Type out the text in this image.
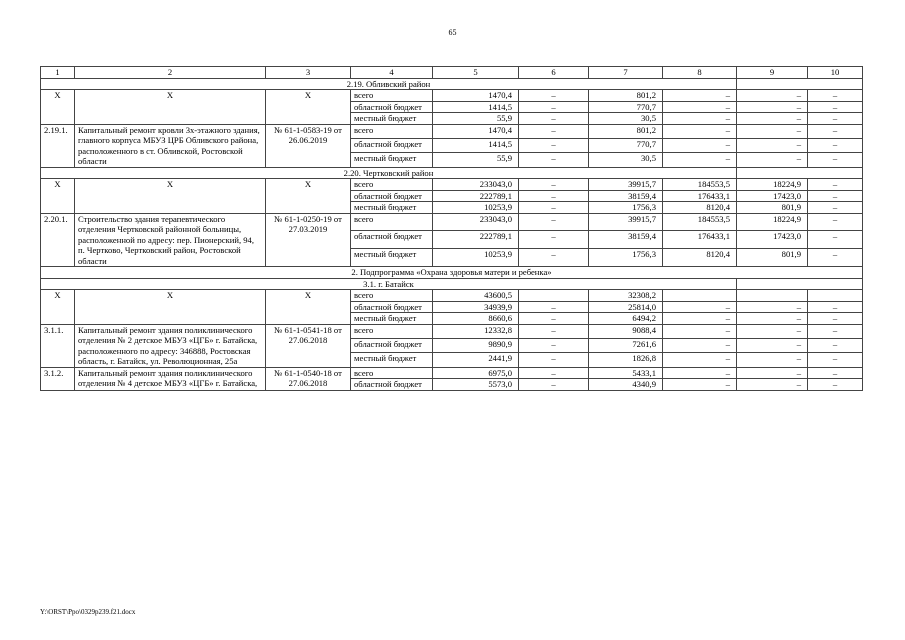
65
1	2	3	4	5	6	7	8	9	10
2.19. Обливский район									
X	X	X	всего	1470,4	–	801,2	–	–	–
			областной бюджет	1414,5	–	770,7	–	–	–
			местный бюджет	55,9	–	30,5	–	–	–
2.19.1.	Капитальный ремонт кровли 3х-этажного здания, главного корпуса МБУЗ ЦРБ Обливского района, расположенного в ст. Обливской, Ростовской области	№ 61-1-0583-19 от 26.06.2019	всего	1470,4	–	801,2	–	–	–
			областной бюджет	1414,5	–	770,7	–	–	–
			местный бюджет	55,9	–	30,5	–	–	–
2.20. Чертковский район									
X	X	X	всего	233043,0	–	39915,7	184553,5	18224,9	–
			областной бюджет	222789,1	–	38159,4	176433,1	17423,0	–
			местный бюджет	10253,9	–	1756,3	8120,4	801,9	–
2.20.1.	Строительство здания терапевтического отделения Чертковской районной больницы, расположенной по адресу: пер. Пионерский, 94, п. Чертково, Чертковский район, Ростовской области	№ 61-1-0250-19 от 27.03.2019	всего	233043,0	–	39915,7	184553,5	18224,9	–
			областной бюджет	222789,1	–	38159,4	176433,1	17423,0	–
			местный бюджет	10253,9	–	1756,3	8120,4	801,9	–
2. Подпрограмма «Охрана здоровья матери и ребенка»									
3.1. г. Батайск									
X	X	X	всего	43600,5		32308,2			
			областной бюджет	34939,9	–	25814,0	–	–	–
			местный бюджет	8660,6	–	6494,2	–	–	–
3.1.1.	Капитальный ремонт здания поликлинического отделения № 2 детское МБУЗ «ЦГБ» г. Батайска, расположенного по адресу: 346888, Ростовская область, г. Батайск, ул. Революционная, 25а	№ 61-1-0541-18 от 27.06.2018	всего	12332,8	–	9088,4	–	–	–
			областной бюджет	9890,9	–	7261,6	–	–	–
			местный бюджет	2441,9	–	1826,8	–	–	–
3.1.2.	Капитальный ремонт здания поликлинического отделения № 4 детское МБУЗ «ЦГБ» г. Батайска,	№ 61-1-0540-18 от 27.06.2018	всего	6975,0	–	5433,1	–	–	–
			областной бюджет	5573,0	–	4340,9	–	–	–
Y:\ORST\Ppo\0329p239.f21.docx
